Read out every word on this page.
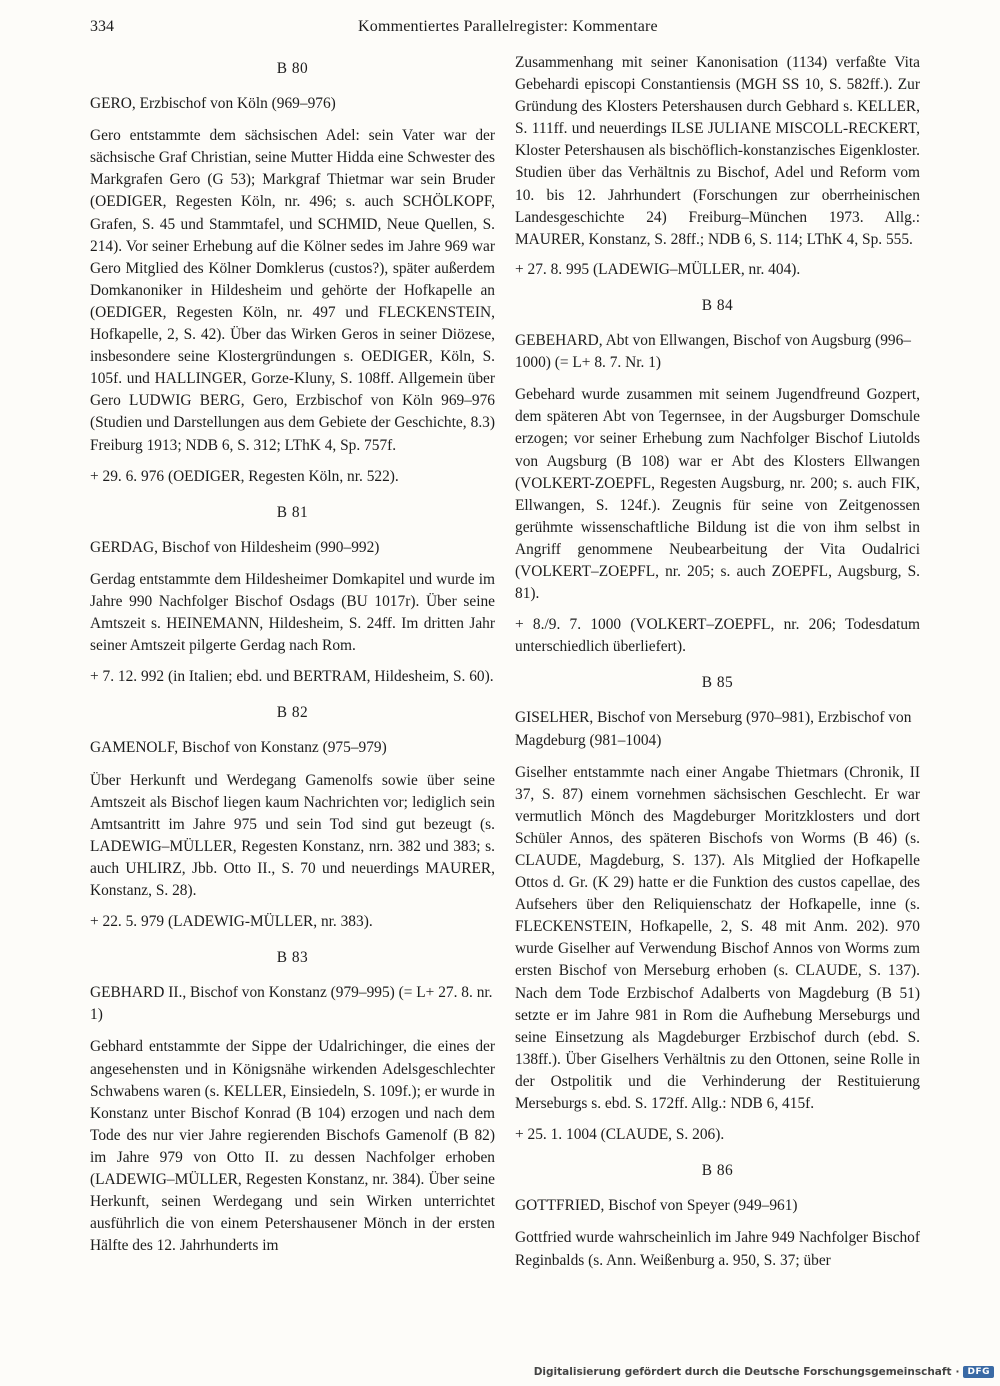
334	Kommentiertes Parallelregister: Kommentare
B 80
GERO, Erzbischof von Köln (969–976)

Gero entstammte dem sächsischen Adel: sein Vater war der sächsische Graf Christian, seine Mutter Hidda eine Schwester des Markgrafen Gero (G 53); Markgraf Thietmar war sein Bruder (OEDIGER, Regesten Köln, nr. 496; s. auch SCHÖLKOPF, Grafen, S. 45 und Stammtafel, und SCHMID, Neue Quellen, S. 214). Vor seiner Erhebung auf die Kölner sedes im Jahre 969 war Gero Mitglied des Kölner Domklerus (custos?), später außerdem Domkanoniker in Hildesheim und gehörte der Hofkapelle an (OEDIGER, Regesten Köln, nr. 497 und FLECKENSTEIN, Hofkapelle, 2, S. 42). Über das Wirken Geros in seiner Diözese, insbesondere seine Klostergründungen s. OEDIGER, Köln, S. 105f. und HALLINGER, Gorze-Kluny, S. 108ff. Allgemein über Gero LUDWIG BERG, Gero, Erzbischof von Köln 969–976 (Studien und Darstellungen aus dem Gebiete der Geschichte, 8.3) Freiburg 1913; NDB 6, S. 312; LThK 4, Sp. 757f.

+ 29. 6. 976 (OEDIGER, Regesten Köln, nr. 522).

B 81
GERDAG, Bischof von Hildesheim (990–992)

Gerdag entstammte dem Hildesheimer Domkapitel und wurde im Jahre 990 Nachfolger Bischof Osdags (BU 1017r). Über seine Amtszeit s. HEINEMANN, Hildesheim, S. 24ff. Im dritten Jahr seiner Amtszeit pilgerte Gerdag nach Rom.

+ 7. 12. 992 (in Italien; ebd. und BERTRAM, Hildesheim, S. 60).

B 82
GAMENOLF, Bischof von Konstanz (975–979)

Über Herkunft und Werdegang Gamenolfs sowie über seine Amtszeit als Bischof liegen kaum Nachrichten vor; lediglich sein Amtsantritt im Jahre 975 und sein Tod sind gut bezeugt (s. LADEWIG–MÜLLER, Regesten Konstanz, nrn. 382 und 383; s. auch UHLIRZ, Jbb. Otto II., S. 70 und neuerdings MAURER, Konstanz, S. 28).

+ 22. 5. 979 (LADEWIG-MÜLLER, nr. 383).

B 83
GEBHARD II., Bischof von Konstanz (979–995) (= L+ 27. 8. nr. 1)

Gebhard entstammte der Sippe der Udalrichinger, die eines der angesehensten und in Königsnähe wirkenden Adelsgeschlechter Schwabens waren (s. KELLER, Einsiedeln, S. 109f.); er wurde in Konstanz unter Bischof Konrad (B 104) erzogen und nach dem Tode des nur vier Jahre regierenden Bischofs Gamenolf (B 82) im Jahre 979 von Otto II. zu dessen Nachfolger erhoben (LADEWIG–MÜLLER, Regesten Konstanz, nr. 384). Über seine Herkunft, seinen Werdegang und sein Wirken unterrichtet ausführlich die von einem Petershausener Mönch in der ersten Hälfte des 12. Jahrhunderts im

Zusammenhang mit seiner Kanonisation (1134) verfaßte Vita Gebehardi episcopi Constantiensis (MGH SS 10, S. 582ff.). Zur Gründung des Klosters Petershausen durch Gebhard s. KELLER, S. 111ff. und neuerdings ILSE JULIANE MISCOLL-RECKERT, Kloster Petershausen als bischöflich-konstanzisches Eigenkloster. Studien über das Verhältnis zu Bischof, Adel und Reform vom 10. bis 12. Jahrhundert (Forschungen zur oberrheinischen Landesgeschichte 24) Freiburg–München 1973. Allg.: MAURER, Konstanz, S. 28ff.; NDB 6, S. 114; LThK 4, Sp. 555.

+ 27. 8. 995 (LADEWIG–MÜLLER, nr. 404).

B 84
GEBEHARD, Abt von Ellwangen, Bischof von Augsburg (996–1000) (= L+ 8. 7. Nr. 1)

Gebehard wurde zusammen mit seinem Jugendfreund Gozpert, dem späteren Abt von Tegernsee, in der Augsburger Domschule erzogen; vor seiner Erhebung zum Nachfolger Bischof Liutolds von Augsburg (B 108) war er Abt des Klosters Ellwangen (VOLKERT-ZOEPFL, Regesten Augsburg, nr. 200; s. auch FIK, Ellwangen, S. 124f.). Zeugnis für seine von Zeitgenossen gerühmte wissenschaftliche Bildung ist die von ihm selbst in Angriff genommene Neubearbeitung der Vita Oudalrici (VOLKERT–ZOEPFL, nr. 205; s. auch ZOEPFL, Augsburg, S. 81).

+ 8./9. 7. 1000 (VOLKERT–ZOEPFL, nr. 206; Todesdatum unterschiedlich überliefert).

B 85
GISELHER, Bischof von Merseburg (970–981), Erzbischof von Magdeburg (981–1004)

Giselher entstammte nach einer Angabe Thietmars (Chronik, II 37, S. 87) einem vornehmen sächsischen Geschlecht. Er war vermutlich Mönch des Magdeburger Moritzklosters und dort Schüler Annos, des späteren Bischofs von Worms (B 46) (s. CLAUDE, Magdeburg, S. 137). Als Mitglied der Hofkapelle Ottos d. Gr. (K 29) hatte er die Funktion des custos capellae, des Aufsehers über den Reliquienschatz der Hofkapelle, inne (s. FLECKENSTEIN, Hofkapelle, 2, S. 48 mit Anm. 202). 970 wurde Giselher auf Verwendung Bischof Annos von Worms zum ersten Bischof von Merseburg erhoben (s. CLAUDE, S. 137). Nach dem Tode Erzbischof Adalberts von Magdeburg (B 51) setzte er im Jahre 981 in Rom die Aufhebung Merseburgs und seine Einsetzung als Magdeburger Erzbischof durch (ebd. S. 138ff.). Über Giselhers Verhältnis zu den Ottonen, seine Rolle in der Ostpolitik und die Verhinderung der Restituierung Merseburgs s. ebd. S. 172ff. Allg.: NDB 6, 415f.

+ 25. 1. 1004 (CLAUDE, S. 206).

B 86
GOTTFRIED, Bischof von Speyer (949–961)

Gottfried wurde wahrscheinlich im Jahre 949 Nachfolger Bischof Reginbalds (s. Ann. Weißenburg a. 950, S. 37; über

Digitalisierung gefördert durch die Deutsche Forschungsgemeinschaft · DFG
